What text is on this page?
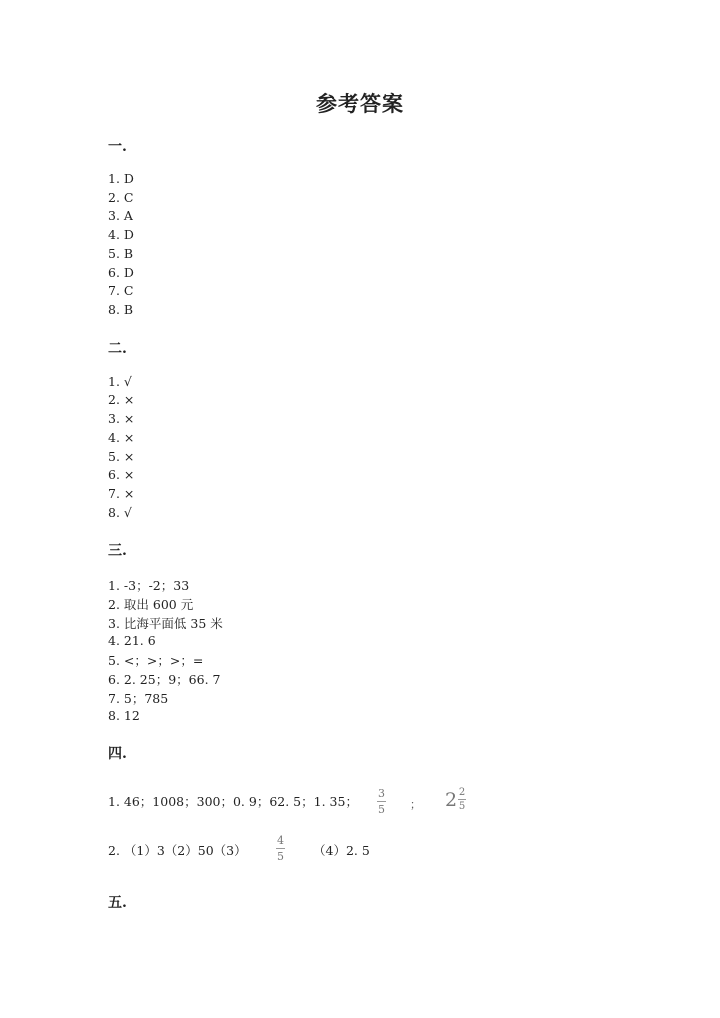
参考答案
一.
1. D
2. C
3. A
4. D
5. B
6. D
7. C
8. B
二.
1. √
2. ×
3. ×
4. ×
5. ×
6. ×
7. ×
8. √
三.
1. -3；-2；33
2. 取出 600 元
3. 比海平面低 35 米
4. 21. 6
5. <；>；>；=
6. 2. 25；9；66. 7
7. 5；785
8. 12
四.
1. 46；1008；300；0. 9；62. 5；1. 35；
3
5 ； $2 \frac{2}{5}$
2. （1）3（2）50（3）
4
5 （4）2. 5
五.
